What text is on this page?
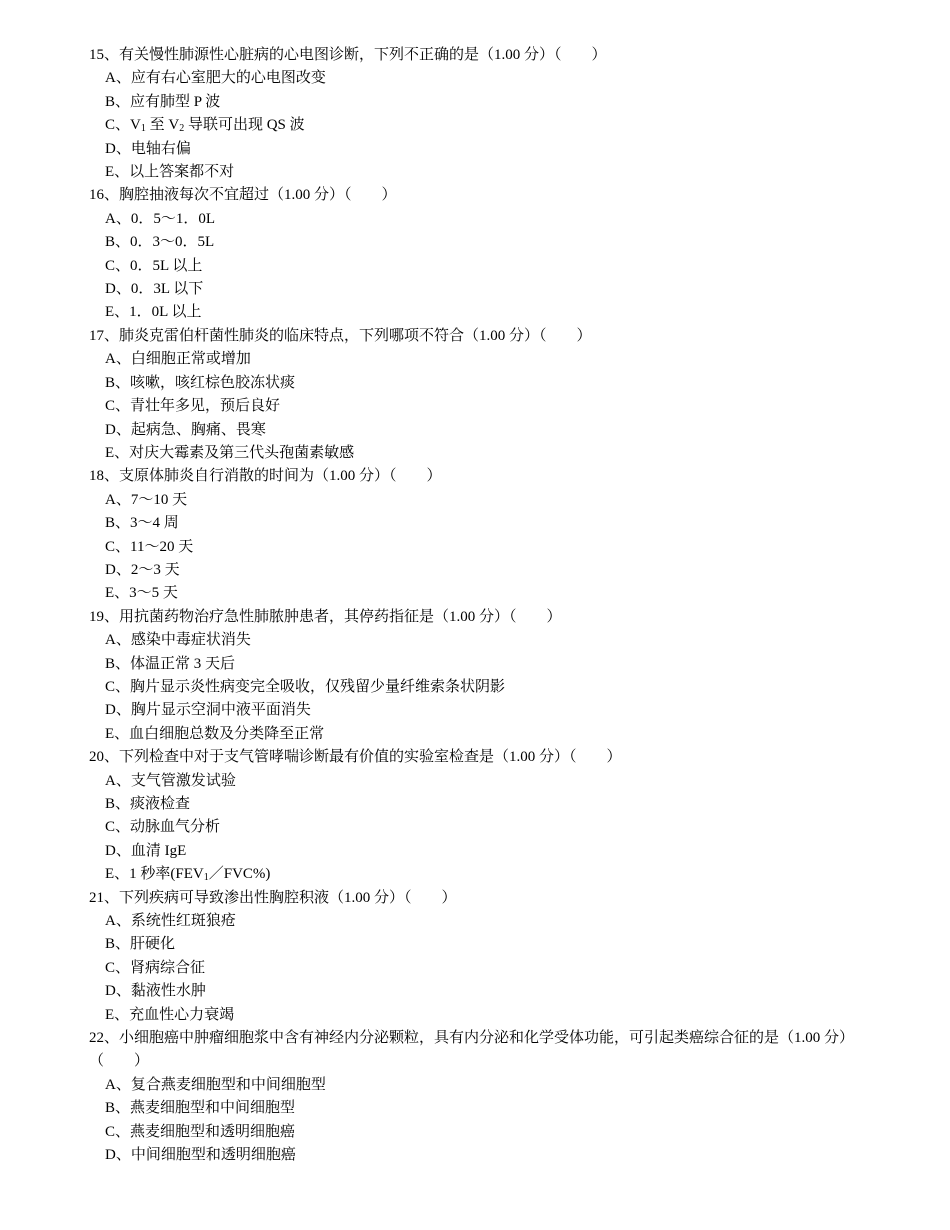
15、有关慢性肺源性心脏病的心电图诊断，下列不正确的是（1.00 分）（　　）
A、应有右心室肥大的心电图改变
B、应有肺型 P 波
C、$V_1$ 至 $V_2$ 导联可出现 QS 波
D、电轴右偏
E、以上答案都不对
16、胸腔抽液每次不宜超过（1.00 分）（　　）
A、0．5～1．0L
B、0．3～0．5L
C、0．5L 以上
D、0．3L 以下
E、1．0L 以上
17、肺炎克雷伯杆菌性肺炎的临床特点，下列哪项不符合（1.00 分）（　　）
A、白细胞正常或增加
B、咳嗽，咳红棕色胶冻状痰
C、青壮年多见，预后良好
D、起病急、胸痛、畏寒
E、对庆大霉素及第三代头孢菌素敏感
18、支原体肺炎自行消散的时间为（1.00 分）（　　）
A、7～10 天
B、3～4 周
C、11～20 天
D、2～3 天
E、3～5 天
19、用抗菌药物治疗急性肺脓肿患者，其停药指征是（1.00 分）（　　）
A、感染中毒症状消失
B、体温正常 3 天后
C、胸片显示炎性病变完全吸收，仅残留少量纤维索条状阴影
D、胸片显示空洞中液平面消失
E、血白细胞总数及分类降至正常
20、下列检查中对于支气管哮喘诊断最有价值的实验室检查是（1.00 分）（　　）
A、支气管激发试验
B、痰液检查
C、动脉血气分析
D、血清 IgE
E、1 秒率$(FEV_1/FVC\%)$
21、下列疾病可导致渗出性胸腔积液（1.00 分）（　　）
A、系统性红斑狼疮
B、肝硬化
C、肾病综合征
D、黏液性水肿
E、充血性心力衰竭
22、小细胞癌中肿瘤细胞浆中含有神经内分泌颗粒，具有内分泌和化学受体功能，可引起类癌综合征的是（1.00 分）（　　）
A、复合燕麦细胞型和中间细胞型
B、燕麦细胞型和中间细胞型
C、燕麦细胞型和透明细胞癌
D、中间细胞型和透明细胞癌
